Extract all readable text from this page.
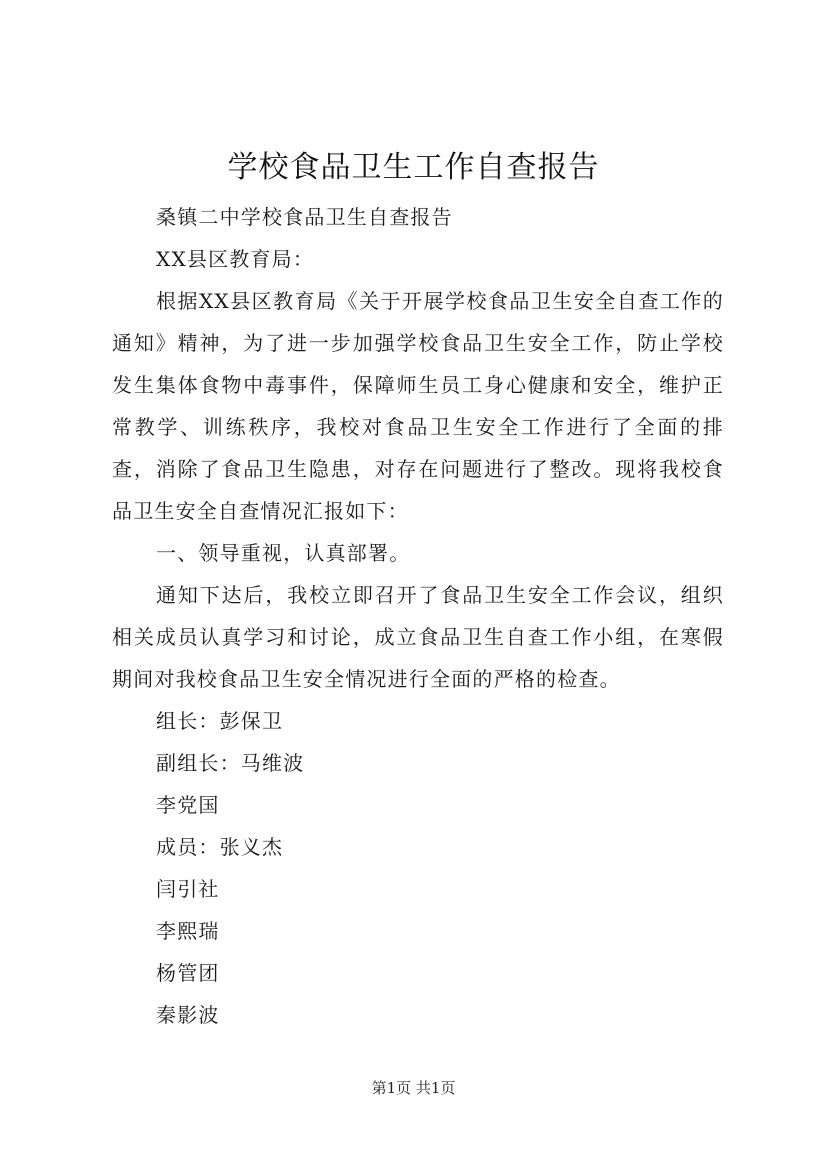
学校食品卫生工作自查报告

桑镇二中学校食品卫生自查报告

XX县区教育局：

根据XX县区教育局《关于开展学校食品卫生安全自查工作的通知》精神，为了进一步加强学校食品卫生安全工作，防止学校发生集体食物中毒事件，保障师生员工身心健康和安全，维护正常教学、训练秩序，我校对食品卫生安全工作进行了全面的排查，消除了食品卫生隐患，对存在问题进行了整改。现将我校食品卫生安全自查情况汇报如下：

一、领导重视，认真部署。

通知下达后，我校立即召开了食品卫生安全工作会议，组织相关成员认真学习和讨论，成立食品卫生自查工作小组，在寒假期间对我校食品卫生安全情况进行全面的严格的检查。

组长：彭保卫

副组长：马维波

李党国

成员：张义杰

闫引社

李熙瑞

杨管团

秦影波

第1页 共1页
